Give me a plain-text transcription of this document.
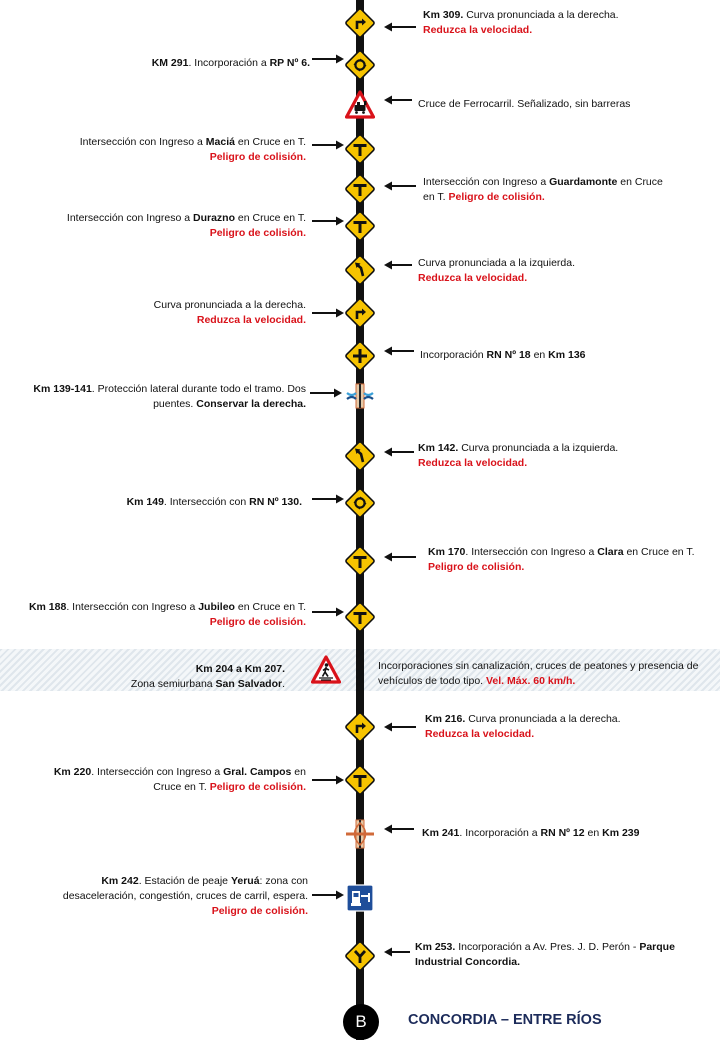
Km 309. Curva pronunciada a la derecha.
Reduzca la velocidad.
KM 291. Incorporación a RP Nº 6.
Cruce de Ferrocarril. Señalizado, sin barreras
Intersección con Ingreso a Maciá en Cruce en T.
Peligro de colisión.
Intersección con Ingreso a Guardamonte en Cruce
en T. Peligro de colisión.
Intersección con Ingreso a Durazno en Cruce en T.
Peligro de colisión.
Curva pronunciada a la izquierda.
Reduzca la velocidad.
Curva pronunciada a la derecha.
Reduzca la velocidad.
Incorporación RN Nº 18 en Km 136
Km 139-141. Protección lateral durante todo el tramo. Dos
puentes. Conservar la derecha.
Km 142. Curva pronunciada a la izquierda.
Reduzca la velocidad.
Km 149. Intersección con RN Nº 130.
Km 170. Intersección con Ingreso a Clara en Cruce en T.
Peligro de colisión.
Km 188. Intersección con Ingreso a Jubileo en Cruce en T.
Peligro de colisión.
Km 204 a Km 207.
Zona semiurbana San Salvador.
Incorporaciones sin canalización, cruces de peatones y presencia de
vehículos de todo tipo. Vel. Máx. 60 km/h.
Km 216. Curva pronunciada a la derecha.
Reduzca la velocidad.
Km 220. Intersección con Ingreso a Gral. Campos en
Cruce en T. Peligro de colisión.
Km 241. Incorporación a RN Nº 12 en Km 239
Km 242. Estación de peaje Yeruá: zona con
desaceleración, congestión, cruces de carril, espera.
Peligro de colisión.
Km 253. Incorporación a Av. Pres. J. D. Perón - Parque
Industrial Concordia.
B	CONCORDIA – ENTRE RÍOS
